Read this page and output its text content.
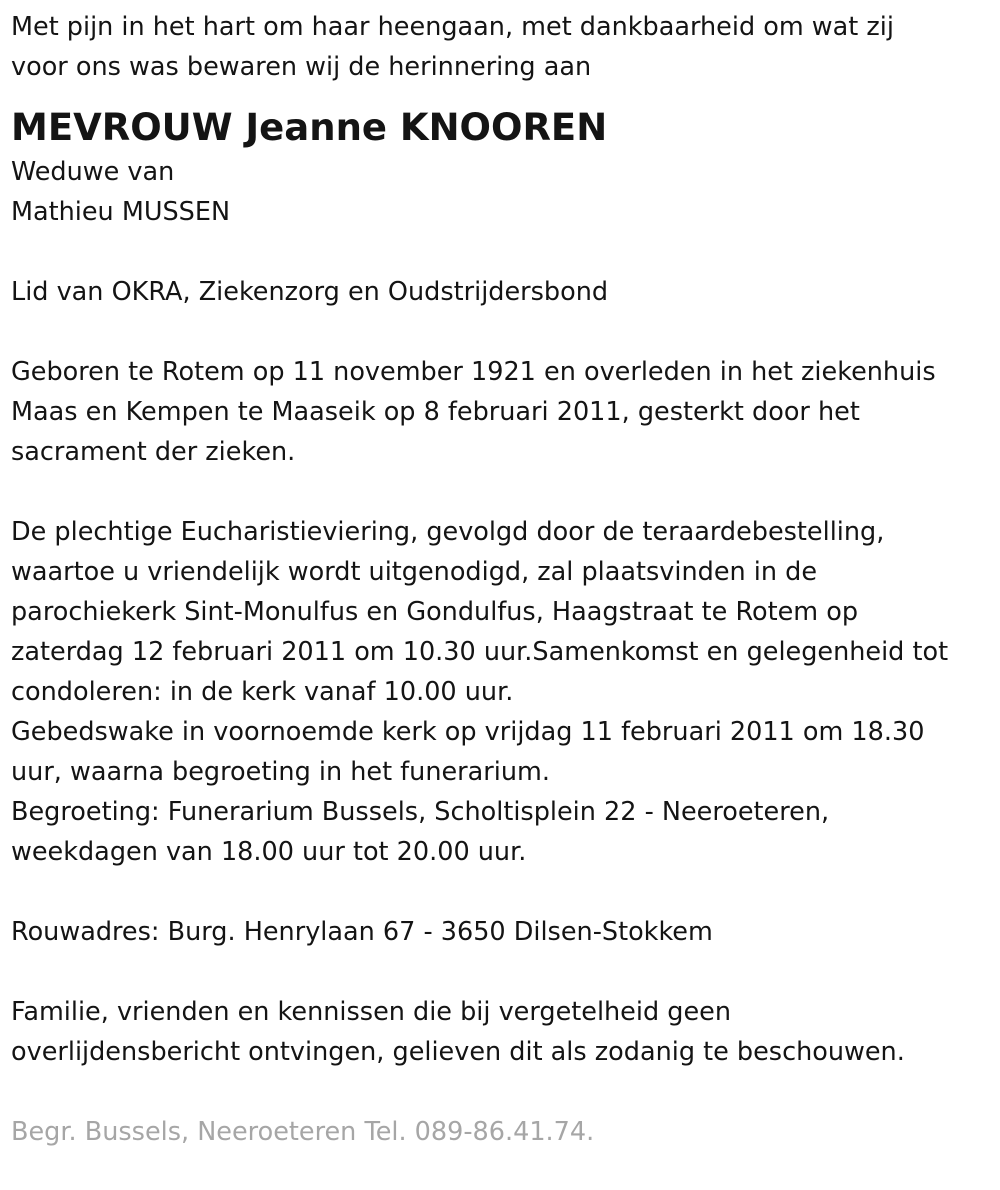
Met pijn in het hart om haar heengaan, met dankbaarheid om wat zij

voor ons was bewaren wij de herinnering aan

MEVROUW Jeanne KNOOREN

Weduwe van

Mathieu MUSSEN

Lid van OKRA, Ziekenzorg en Oudstrijdersbond

Geboren te Rotem op 11 november 1921 en overleden in het ziekenhuis

Maas en Kempen te Maaseik op 8 februari 2011, gesterkt door het

sacrament der zieken.

De plechtige Eucharistieviering, gevolgd door de teraardebestelling,

waartoe u vriendelijk wordt uitgenodigd, zal plaatsvinden in de

parochiekerk Sint-Monulfus en Gondulfus, Haagstraat te Rotem op

zaterdag 12 februari 2011 om 10.30 uur.Samenkomst en gelegenheid tot

condoleren: in de kerk vanaf 10.00 uur.

Gebedswake in voornoemde kerk op vrijdag 11 februari 2011 om 18.30

uur, waarna begroeting in het funerarium.

Begroeting: Funerarium Bussels, Scholtisplein 22 - Neeroeteren,

weekdagen van 18.00 uur tot 20.00 uur.

Rouwadres: Burg. Henrylaan 67 - 3650 Dilsen-Stokkem

Familie, vrienden en kennissen die bij vergetelheid geen

overlijdensbericht ontvingen, gelieven dit als zodanig te beschouwen.

Begr. Bussels, Neeroeteren Tel. 089-86.41.74.
